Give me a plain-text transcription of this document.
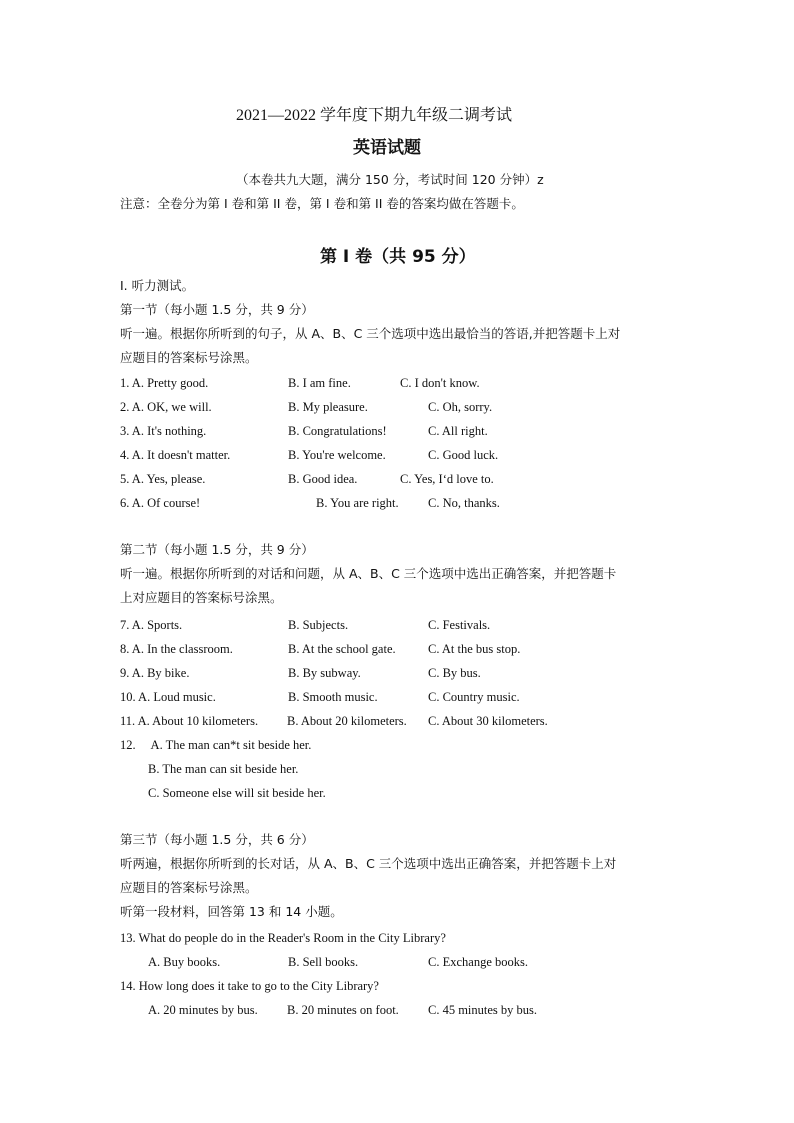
2021—2022 学年度下期九年级二调考试
英语试题
（本卷共九大题，满分 150 分，考试时间 120 分钟）z
注意：全卷分为第 I 卷和第 II 卷，第 I 卷和第 II 卷的答案均做在答题卡。
第 I 卷（共 95 分）
I. 听力测试。
第一节（每小题 1.5 分，共 9 分）
听一遍。根据你所听到的句子，从 A、B、C 三个选项中选出最恰当的答语,并把答题卡上对
应题目的答案标号涂黑。
1. A. Pretty good.	B. I am fine.	C. I don't know.
2. A. OK, we will.	B. My pleasure.	C. Oh, sorry.
3. A. It's nothing.	B. Congratulations!	C. All right.
4. A. It doesn't matter.	B. You're welcome.	C. Good luck.
5. A. Yes, please.	B. Good idea.	C. Yes, I‘d love to.
6. A. Of course!	B. You are right. C. No, thanks.
第二节（每小题 1.5 分，共 9 分）
听一遍。根据你所听到的对话和问题，从 A、B、C 三个选项中选出正确答案，并把答题卡
上对应题目的答案标号涂黑。
7. A. Sports.	B. Subjects.	C. Festivals.
8. A. In the classroom.	B. At the school gate.	C. At the bus stop.
9. A. By bike.	B. By subway.	C. By bus.
10. A. Loud music.	B. Smooth music.	C. Country music.
11. A. About 10 kilometers. B. About 20 kilometers. C. About 30 kilometers.
12.     A. The man can*t sit beside her.
B. The man can sit beside her.
C. Someone else will sit beside her.
第三节（每小题 1.5 分，共 6 分）
听两遍，根据你所听到的长对话，从 A、B、C 三个选项中选出正确答案，并把答题卡上对
应题目的答案标号涂黑。
听第一段材料，回答第 13 和 14 小题。
13. What do people do in the Reader's Room in the City Library?
A. Buy books.	B. Sell books.	C. Exchange books.
14. How long does it take to go to the City Library?
A. 20 minutes by bus. B. 20 minutes on foot. C. 45 minutes by bus.
